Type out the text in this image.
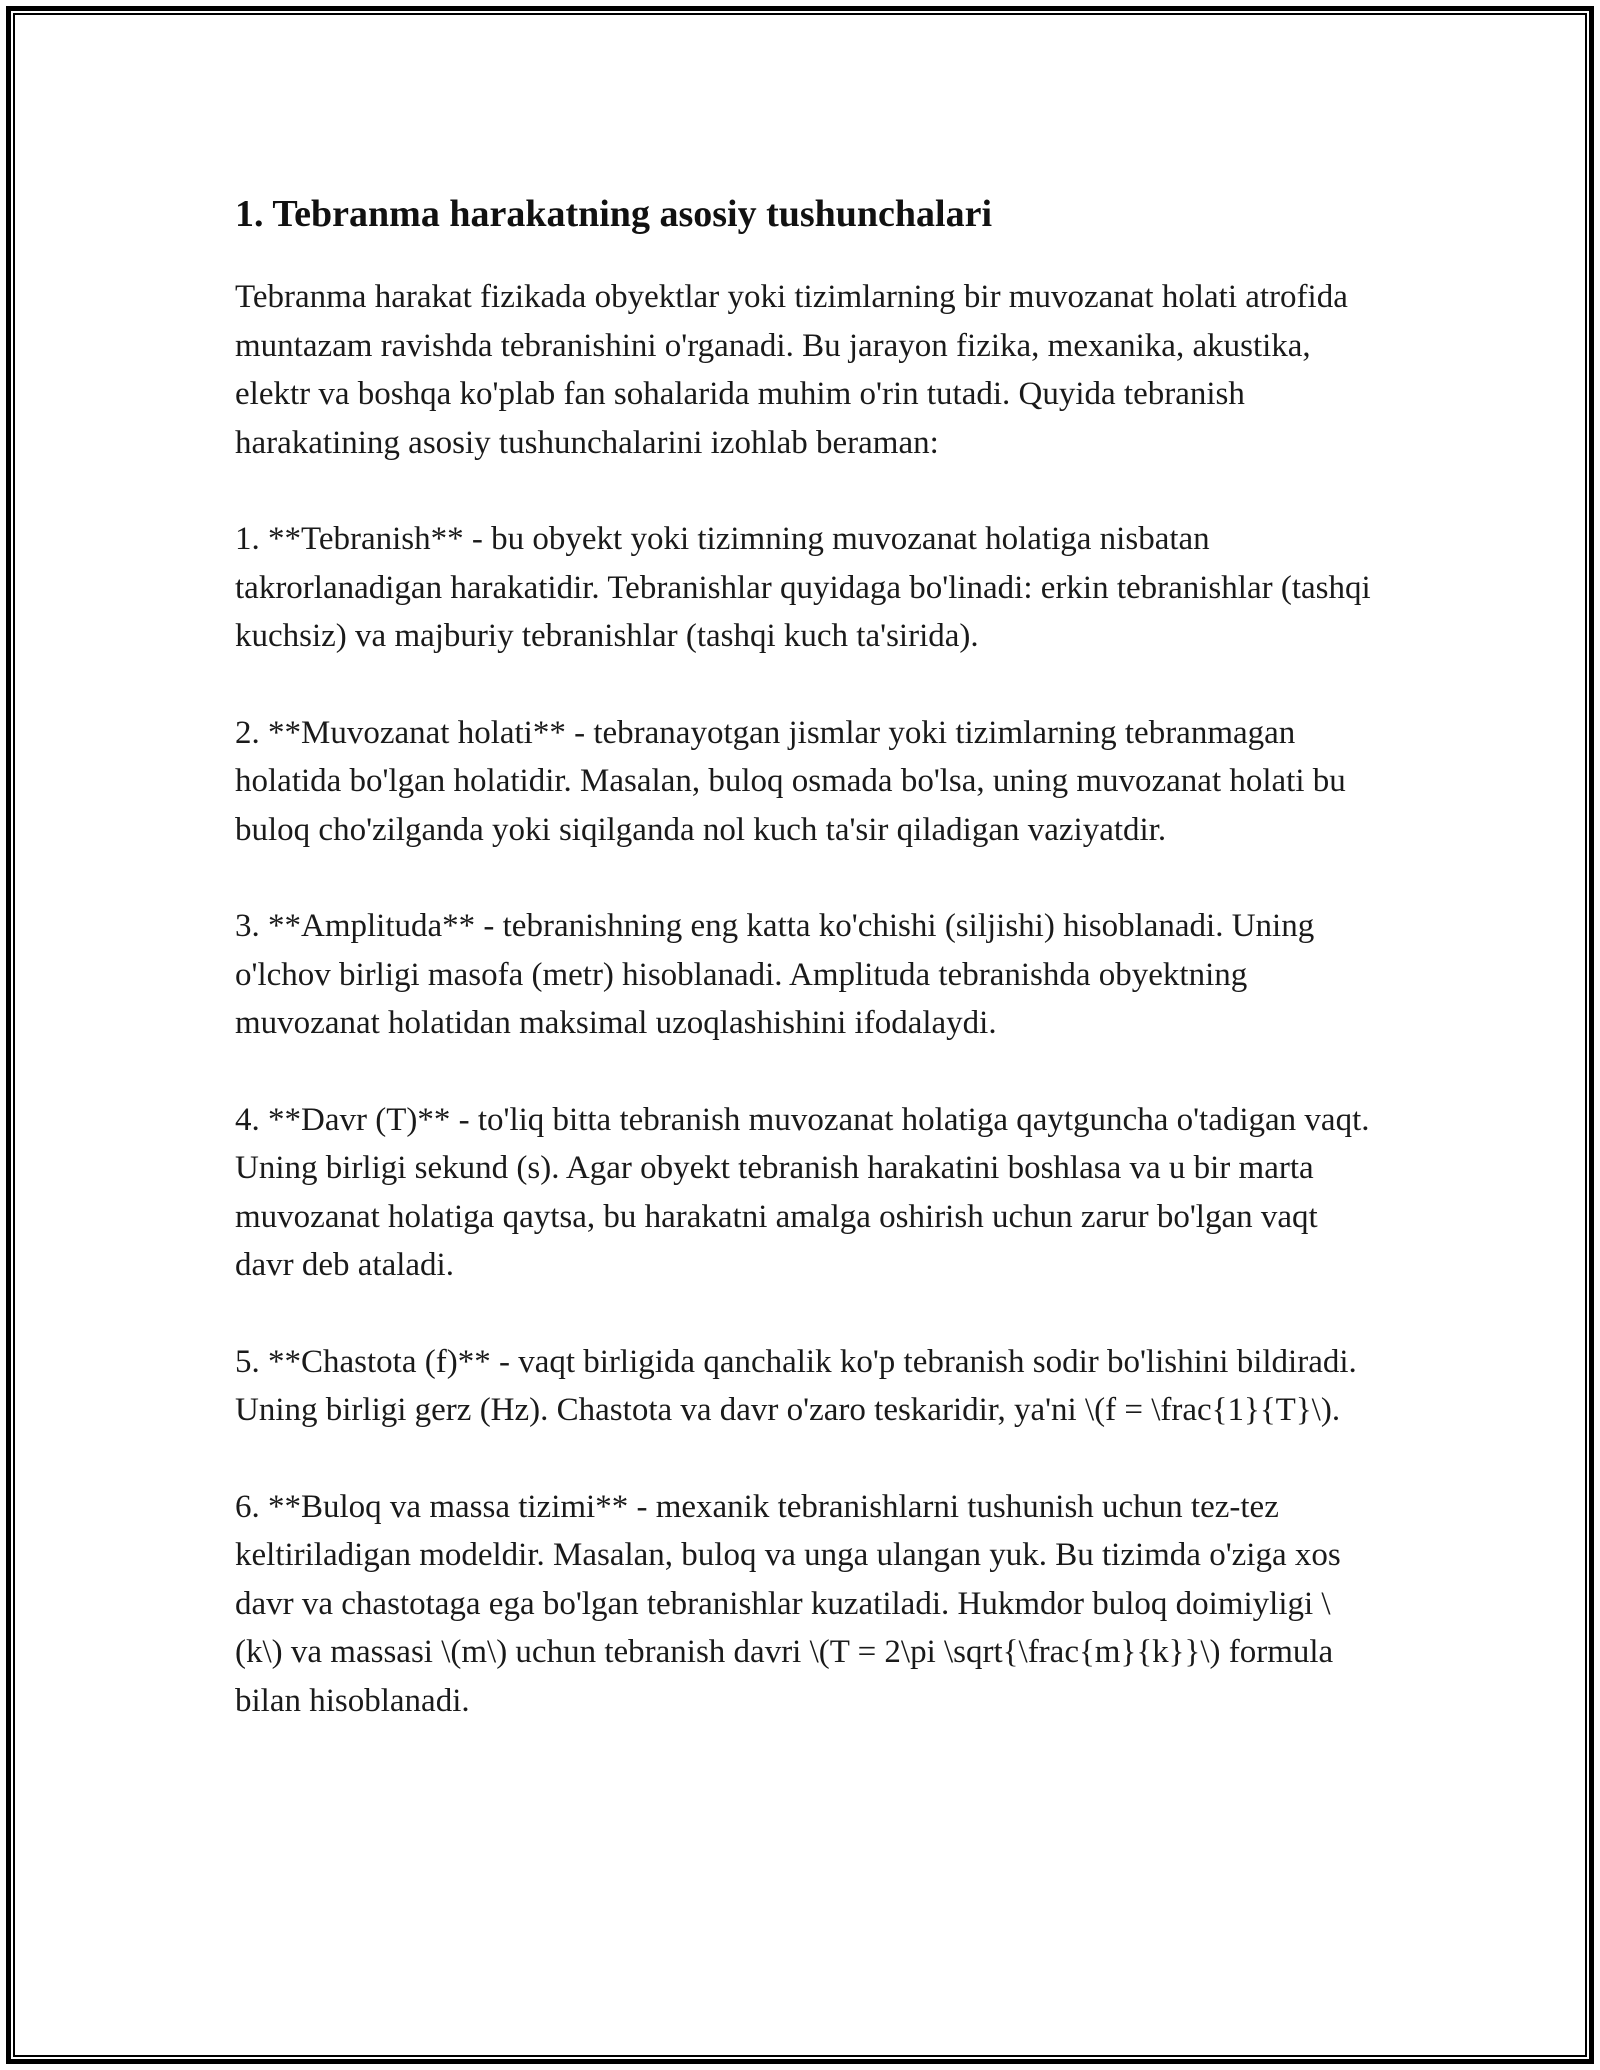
1. Tebranma harakatning asosiy tushunchalari

Tebranma harakat fizikada obyektlar yoki tizimlarning bir muvozanat holati atrofida muntazam ravishda tebranishini o'rganadi. Bu jarayon fizika, mexanika, akustika, elektr va boshqa ko'plab fan sohalarida muhim o'rin tutadi. Quyida tebranish harakatining asosiy tushunchalarini izohlab beraman:

1. **Tebranish** - bu obyekt yoki tizimning muvozanat holatiga nisbatan takrorlanadigan harakatidir. Tebranishlar quyidaga bo'linadi: erkin tebranishlar (tashqi kuchsiz) va majburiy tebranishlar (tashqi kuch ta'sirida).

2. **Muvozanat holati** - tebranayotgan jismlar yoki tizimlarning tebranmagan holatida bo'lgan holatidir. Masalan, buloq osmada bo'lsa, uning muvozanat holati bu buloq cho'zilganda yoki siqilganda nol kuch ta'sir qiladigan vaziyatdir.

3. **Amplituda** - tebranishning eng katta ko'chishi (siljishi) hisoblanadi. Uning o'lchov birligi masofa (metr) hisoblanadi. Amplituda tebranishda obyektning muvozanat holatidan maksimal uzoqlashishini ifodalaydi.

4. **Davr (T)** - to'liq bitta tebranish muvozanat holatiga qaytguncha o'tadigan vaqt. Uning birligi sekund (s). Agar obyekt tebranish harakatini boshlasa va u bir marta muvozanat holatiga qaytsa, bu harakatni amalga oshirish uchun zarur bo'lgan vaqt davr deb ataladi.

5. **Chastota (f)** - vaqt birligida qanchalik ko'p tebranish sodir bo'lishini bildiradi. Uning birligi gerz (Hz). Chastota va davr o'zaro teskaridir, ya'ni \(f = \frac{1}{T}\).

6. **Buloq va massa tizimi** - mexanik tebranishlarni tushunish uchun tez-tez keltiriladigan modeldir. Masalan, buloq va unga ulangan yuk. Bu tizimda o'ziga xos davr va chastotaga ega bo'lgan tebranishlar kuzatiladi. Hukmdor buloq doimiyligi \(k\) va massasi \(m\) uchun tebranish davri \(T = 2\pi \sqrt{\frac{m}{k}}\) formula bilan hisoblanadi.
